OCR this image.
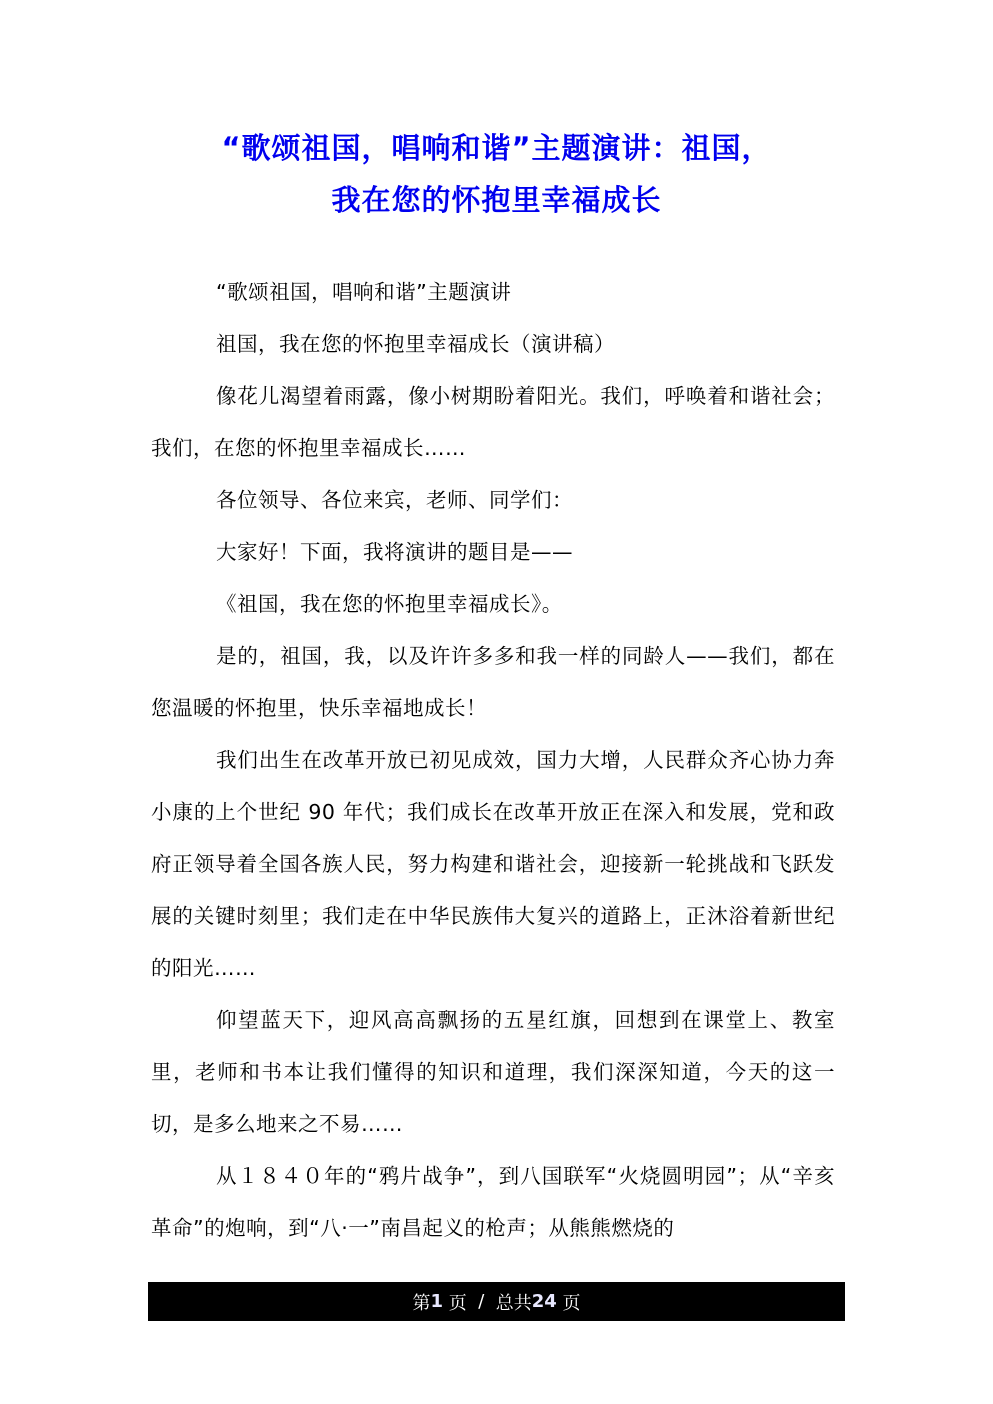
“歌颂祖国，唱响和谐”主题演讲：祖国，
我在您的怀抱里幸福成长

“歌颂祖国，唱响和谐”主题演讲

祖国，我在您的怀抱里幸福成长（演讲稿）

像花儿渴望着雨露，像小树期盼着阳光。我们，呼唤着和谐社会；我们，在您的怀抱里幸福成长……

各位领导、各位来宾，老师、同学们：

大家好！下面，我将演讲的题目是——

《祖国，我在您的怀抱里幸福成长》。

是的，祖国，我，以及许许多多和我一样的同龄人——我们，都在您温暖的怀抱里，快乐幸福地成长！

我们出生在改革开放已初见成效，国力大增，人民群众齐心协力奔小康的上个世纪 90 年代；我们成长在改革开放正在深入和发展，党和政府正领导着全国各族人民，努力构建和谐社会，迎接新一轮挑战和飞跃发展的关键时刻里；我们走在中华民族伟大复兴的道路上，正沐浴着新世纪的阳光……

仰望蓝天下，迎风高高飘扬的五星红旗，回想到在课堂上、教室里，老师和书本让我们懂得的知识和道理，我们深深知道，今天的这一切，是多么地来之不易……

从１８４０年的“鸦片战争”，到八国联军“火烧圆明园”；从“辛亥革命”的炮响，到“八·一”南昌起义的枪声；从熊熊燃烧的

第 1 页 / 总共 24 页
